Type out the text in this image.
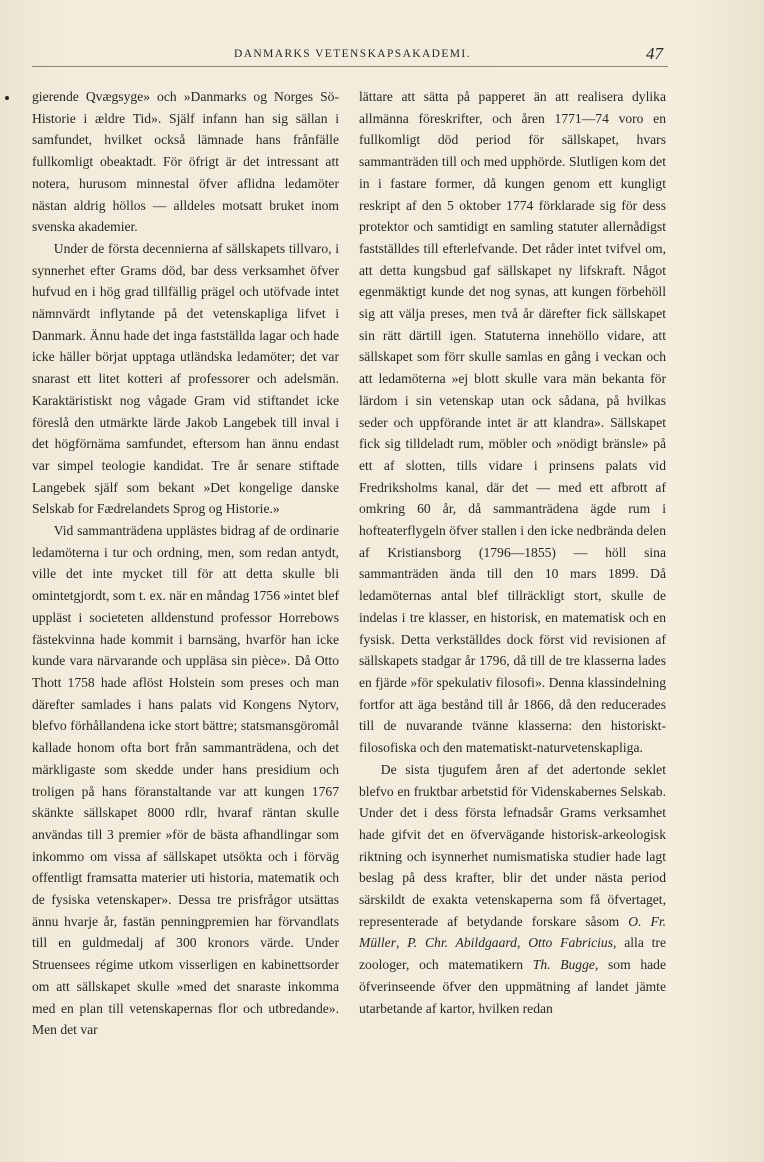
DANMARKS VETENSKAPSAKADEMI.	47

gierende Qvægsyge» och »Danmarks og Norges Sö-Historie i ældre Tid». Själf infann han sig sällan i samfundet, hvilket också lämnade hans frånfälle fullkomligt obeaktadt. För öfrigt är det intressant att notera, hurusom minnestal öfver aflidna ledamöter nästan aldrig höllos — alldeles motsatt bruket inom svenska akademier.

Under de första decennierna af sällskapets tillvaro, i synnerhet efter Grams död, bar dess verksamhet öfver hufvud en i hög grad tillfällig prägel och utöfvade intet nämnvärdt inflytande på det vetenskapliga lifvet i Danmark. Ännu hade det inga fastställda lagar och hade icke häller börjat upptaga utländska ledamöter; det var snarast ett litet kotteri af professorer och adelsmän. Karaktäristiskt nog vågade Gram vid stiftandet icke föreslå den utmärkte lärde Jakob Langebek till inval i det högförnäma samfundet, eftersom han ännu endast var simpel teologie kandidat. Tre år senare stiftade Langebek själf som bekant »Det kongelige danske Selskab for Fædrelandets Sprog og Historie.»

Vid sammanträdena upplästes bidrag af de ordinarie ledamöterna i tur och ordning, men, som redan antydt, ville det inte mycket till för att detta skulle bli omintetgjordt, som t. ex. när en måndag 1756 »intet blef uppläst i societeten alldenstund professor Horrebows fästekvinna hade kommit i barnsäng, hvarför han icke kunde vara närvarande och uppläsa sin pièce». Då Otto Thott 1758 hade aflöst Holstein som preses och man därefter samlades i hans palats vid Kongens Nytorv, blefvo förhållandena icke stort bättre; statsmansgöromål kallade honom ofta bort från sammanträdena, och det märkligaste som skedde under hans presidium och troligen på hans föranstaltande var att kungen 1767 skänkte sällskapet 8000 rdlr, hvaraf räntan skulle användas till 3 premier »för de bästa afhandlingar som inkommo om vissa af sällskapet utsökta och i förväg offentligt framsatta materier uti historia, matematik och de fysiska vetenskaper». Dessa tre prisfrågor utsättas ännu hvarje år, fastän penningpremien har förvandlats till en guldmedalj af 300 kronors värde. Under Struensees régime utkom visserligen en kabinettsorder om att sällskapet skulle »med det snaraste inkomma med en plan till vetenskapernas flor och utbredande». Men det var

lättare att sätta på papperet än att realisera dylika allmänna föreskrifter, och åren 1771—74 voro en fullkomligt död period för sällskapet, hvars sammanträden till och med upphörde. Slutligen kom det in i fastare former, då kungen genom ett kungligt reskript af den 5 oktober 1774 förklarade sig för dess protektor och samtidigt en samling statuter allernådigst fastställdes till efterlefvande. Det råder intet tvifvel om, att detta kungsbud gaf sällskapet ny lifskraft. Något egenmäktigt kunde det nog synas, att kungen förbehöll sig att välja preses, men två år därefter fick sällskapet sin rätt därtill igen. Statuterna innehöllo vidare, att sällskapet som förr skulle samlas en gång i veckan och att ledamöterna »ej blott skulle vara män bekanta för lärdom i sin vetenskap utan ock sådana, på hvilkas seder och uppförande intet är att klandra». Sällskapet fick sig tilldeladt rum, möbler och »nödigt bränsle» på ett af slotten, tills vidare i prinsens palats vid Fredriksholms kanal, där det — med ett afbrott af omkring 60 år, då sammanträdena ägde rum i hofteaterflygeln öfver stallen i den icke nedbrända delen af Kristiansborg (1796—1855) — höll sina sammanträden ända till den 10 mars 1899. Då ledamöternas antal blef tillräckligt stort, skulle de indelas i tre klasser, en historisk, en matematisk och en fysisk. Detta verkställdes dock först vid revisionen af sällskapets stadgar år 1796, då till de tre klasserna lades en fjärde »för spekulativ filosofi». Denna klassindelning fortfor att äga bestånd till år 1866, då den reducerades till de nuvarande tvänne klasserna: den historiskt-filosofiska och den matematiskt-naturvetenskapliga.

De sista tjugufem åren af det adertonde seklet blefvo en fruktbar arbetstid för Videnskabernes Selskab. Under det i dess första lefnadsår Grams verksamhet hade gifvit det en öfvervägande historisk-arkeologisk riktning och isynnerhet numismatiska studier hade lagt beslag på dess krafter, blir det under nästa period särskildt de exakta vetenskaperna som få öfvertaget, representerade af betydande forskare såsom O. Fr. Müller, P. Chr. Abildgaard, Otto Fabricius, alla tre zoologer, och matematikern Th. Bugge, som hade öfverinseende öfver den uppmätning af landet jämte utarbetande af kartor, hvilken redan
